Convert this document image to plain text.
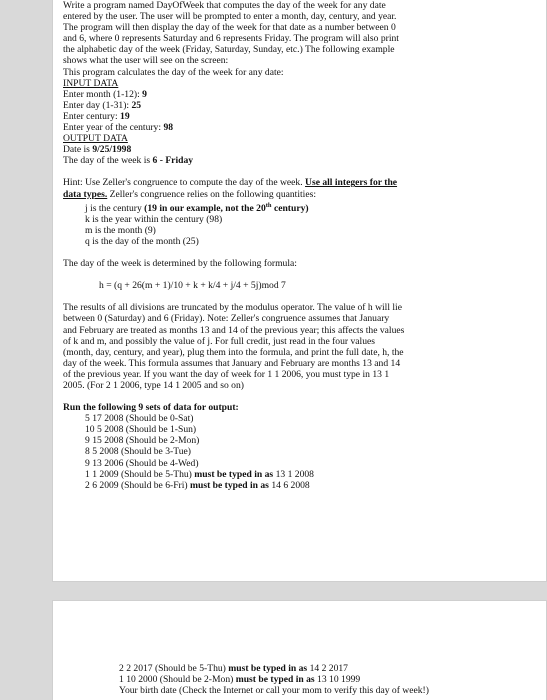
Write a program named DayOfWeek that computes the day of the week for any date
entered by the user. The user will be prompted to enter a month, day, century, and year.
The program will then display the day of the week for that date as a number between 0
and 6, where 0 represents Saturday and 6 represents Friday. The program will also print
the alphabetic day of the week (Friday, Saturday, Sunday, etc.) The following example
shows what the user will see on the screen:
This program calculates the day of the week for any date:
INPUT DATA
Enter month (1-12): 9
Enter day (1-31): 25
Enter century: 19
Enter year of the century: 98
OUTPUT DATA
Date is 9/25/1998
The day of the week is 6 - Friday
Hint: Use Zeller's congruence to compute the day of the week. Use all integers for the
data types. Zeller's congruence relies on the following quantities:
j is the century (19 in our example, not the 20th century)
k is the year within the century (98)
m is the month (9)
q is the day of the month (25)
The day of the week is determined by the following formula:
h = (q + 26(m + 1)/10 + k + k/4 + j/4 + 5j)mod 7
The results of all divisions are truncated by the modulus operator. The value of h will lie
between 0 (Saturday) and 6 (Friday). Note: Zeller's congruence assumes that January
and February are treated as months 13 and 14 of the previous year; this affects the values
of k and m, and possibly the value of j. For full credit, just read in the four values
(month, day, century, and year), plug them into the formula, and print the full date, h, the
day of the week. This formula assumes that January and February are months 13 and 14
of the previous year. If you want the day of week for 1 1 2006, you must type in 13 1
2005. (For 2 1 2006, type 14 1 2005 and so on)
Run the following 9 sets of data for output:
5 17 2008 (Should be 0-Sat)
10 5 2008 (Should be 1-Sun)
9 15 2008 (Should be 2-Mon)
8 5 2008 (Should be 3-Tue)
9 13 2006 (Should be 4-Wed)
1 1 2009 (Should be 5-Thu) must be typed in as 13 1 2008
2 6 2009 (Should be 6-Fri) must be typed in as 14 6 2008
2 2 2017 (Should be 5-Thu) must be typed in as 14 2 2017
1 10 2000 (Should be 2-Mon) must be typed in as 13 10 1999
Your birth date (Check the Internet or call your mom to verify this day of week!)
